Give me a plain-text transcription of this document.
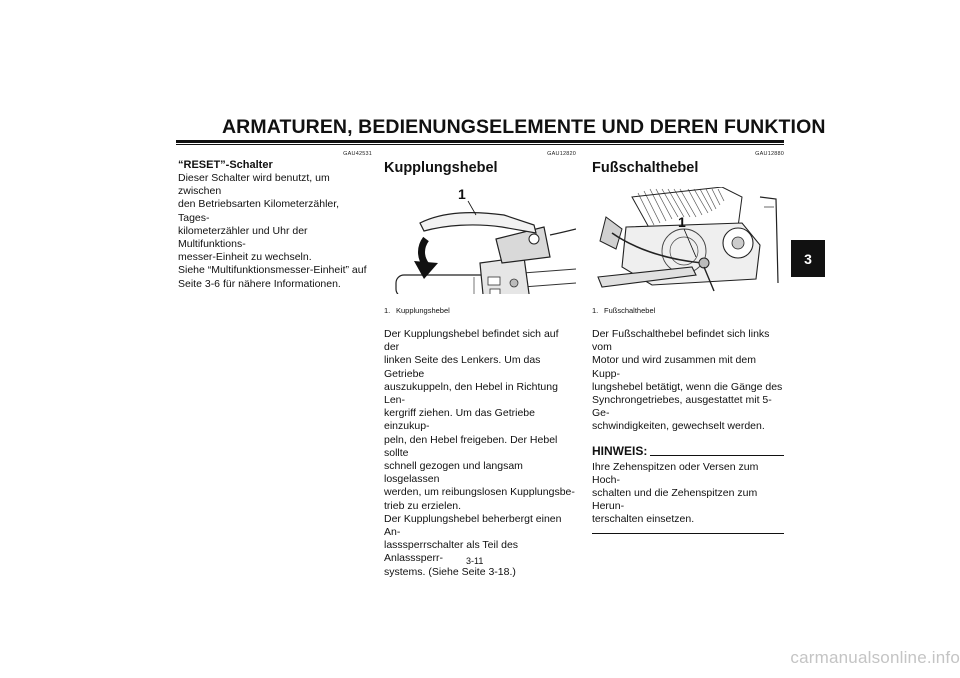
ARMATUREN, BEDIENUNGSELEMENTE UND DEREN FUNKTION
3
GAU42531
“RESET”-Schalter

Dieser Schalter wird benutzt, um zwischen

den Betriebsarten Kilometerzähler, Tages-

kilometerzähler und Uhr der Multifunktions-

messer-Einheit zu wechseln.

Siehe “Multifunktionsmesser-Einheit” auf

Seite 3-6 für nähere Informationen.

GAU12820
Kupplungshebel
1
1. Kupplungshebel

Der Kupplungshebel befindet sich auf der

linken Seite des Lenkers. Um das Getriebe

auszukuppeln, den Hebel in Richtung Len-

kergriff ziehen. Um das Getriebe einzukup-

peln, den Hebel freigeben. Der Hebel sollte

schnell gezogen und langsam losgelassen

werden, um reibungslosen Kupplungsbe-

trieb zu erzielen.

Der Kupplungshebel beherbergt einen An-

lasssperrschalter als Teil des Anlasssperr-

systems. (Siehe Seite 3-18.)

GAU12880
Fußschalthebel
1
1. Fußschalthebel

Der Fußschalthebel befindet sich links vom

Motor und wird zusammen mit dem Kupp-

lungshebel betätigt, wenn die Gänge des

Synchrongetriebes, ausgestattet mit 5-Ge-

schwindigkeiten, gewechselt werden.

HINWEIS:
Ihre Zehenspitzen oder Versen zum Hoch-
schalten und die Zehenspitzen zum Herun-
terschalten einsetzen.
3-11
carmanualsonline.info
